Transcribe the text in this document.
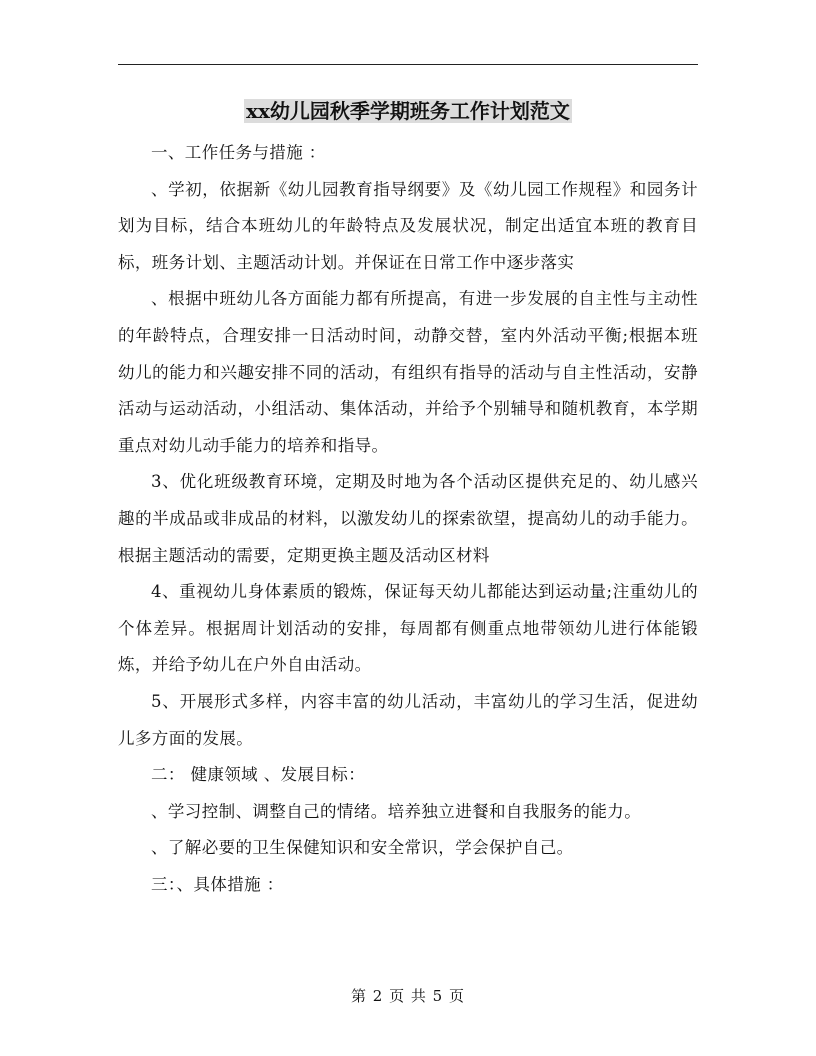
xx幼儿园秋季学期班务工作计划范文

一、工作任务与措施 ：

、学初，依据新《幼儿园教育指导纲要》及《幼儿园工作规程》和园务计划为目标，结合本班幼儿的年龄特点及发展状况，制定出适宜本班的教育目标，班务计划、主题活动计划。并保证在日常工作中逐步落实

、根据中班幼儿各方面能力都有所提高，有进一步发展的自主性与主动性的年龄特点，合理安排一日活动时间，动静交替，室内外活动平衡;根据本班幼儿的能力和兴趣安排不同的活动，有组织有指导的活动与自主性活动，安静活动与运动活动，小组活动、集体活动，并给予个别辅导和随机教育，本学期重点对幼儿动手能力的培养和指导。

3、优化班级教育环境，定期及时地为各个活动区提供充足的、幼儿感兴趣的半成品或非成品的材料，以激发幼儿的探索欲望，提高幼儿的动手能力。根据主题活动的需要，定期更换主题及活动区材料

4、重视幼儿身体素质的锻炼，保证每天幼儿都能达到运动量;注重幼儿的个体差异。根据周计划活动的安排，每周都有侧重点地带领幼儿进行体能锻炼，并给予幼儿在户外自由活动。

5、开展形式多样，内容丰富的幼儿活动，丰富幼儿的学习生活，促进幼儿多方面的发展。

二： 健康领域 、发展目标：

、学习控制、调整自己的情绪。培养独立进餐和自我服务的能力。

、了解必要的卫生保健知识和安全常识，学会保护自己。

三：、具体措施 ：

第 2 页 共 5 页
